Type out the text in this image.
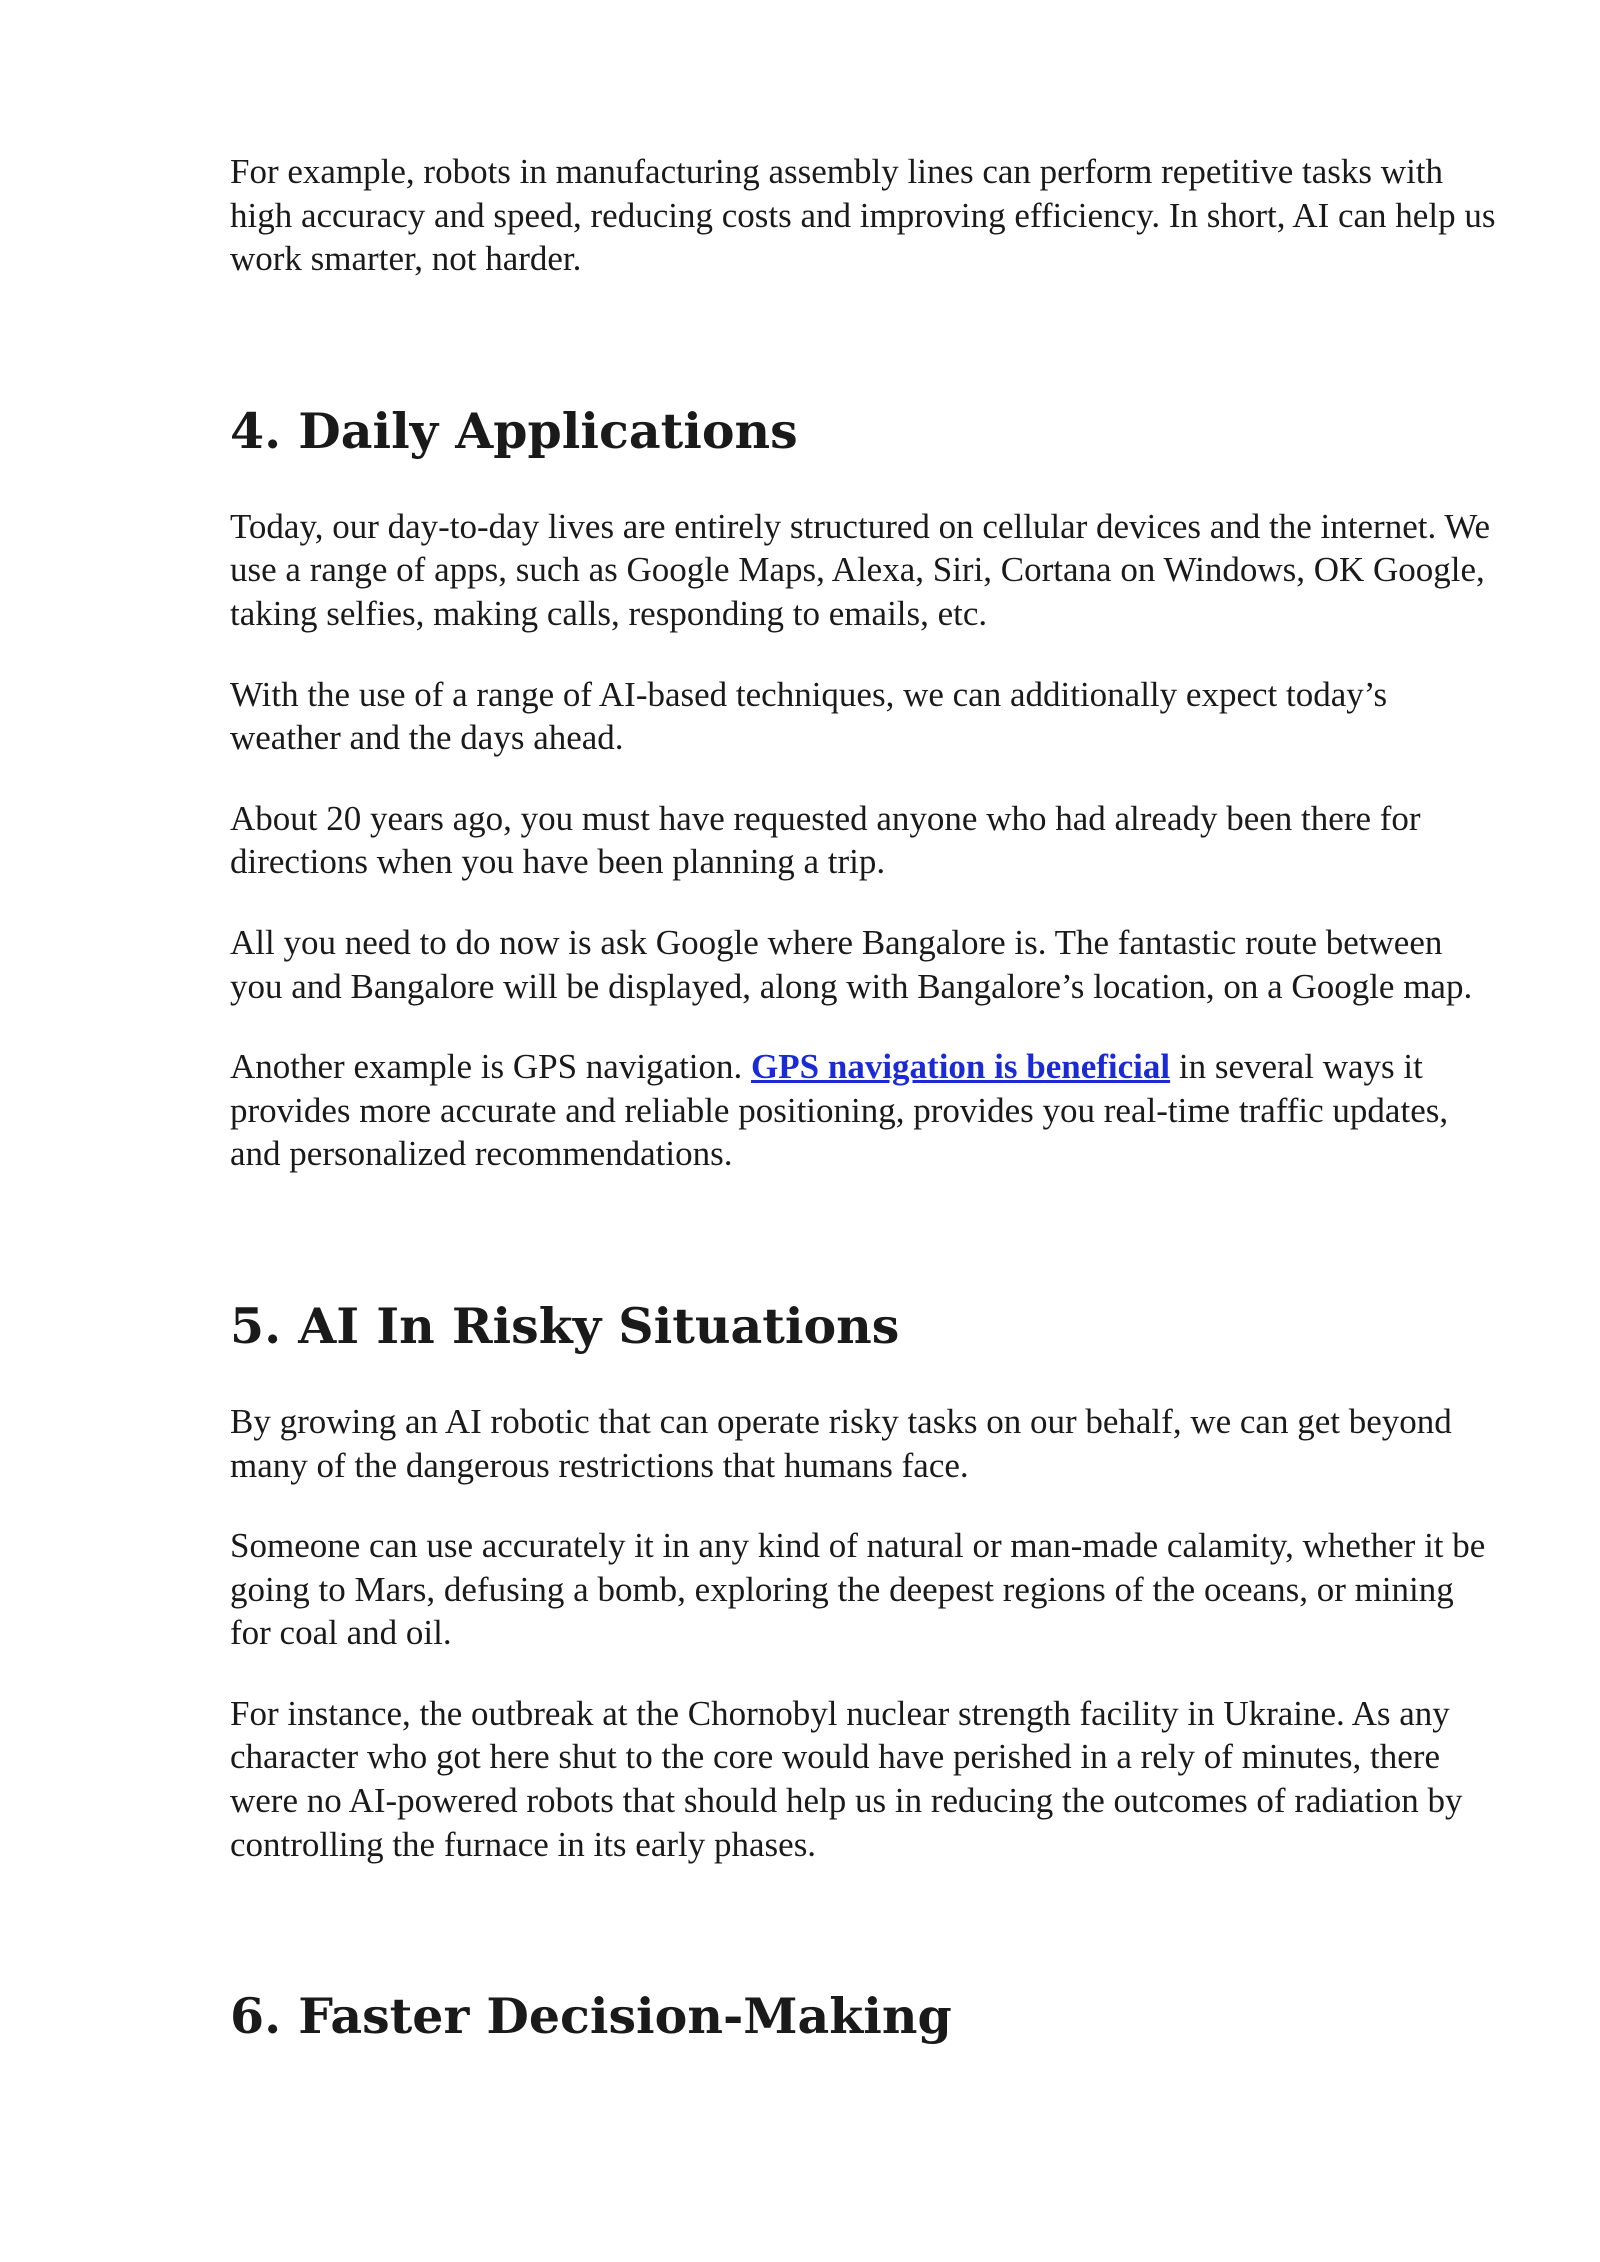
For example, robots in manufacturing assembly lines can perform repetitive tasks with high accuracy and speed, reducing costs and improving efficiency. In short, AI can help us work smarter, not harder.

4. Daily Applications

Today, our day-to-day lives are entirely structured on cellular devices and the internet. We use a range of apps, such as Google Maps, Alexa, Siri, Cortana on Windows, OK Google, taking selfies, making calls, responding to emails, etc.

With the use of a range of AI-based techniques, we can additionally expect today’s weather and the days ahead.

About 20 years ago, you must have requested anyone who had already been there for directions when you have been planning a trip.

All you need to do now is ask Google where Bangalore is. The fantastic route between you and Bangalore will be displayed, along with Bangalore’s location, on a Google map.

Another example is GPS navigation. GPS navigation is beneficial in several ways it provides more accurate and reliable positioning, provides you real-time traffic updates, and personalized recommendations.

5. AI In Risky Situations

By growing an AI robotic that can operate risky tasks on our behalf, we can get beyond many of the dangerous restrictions that humans face.

Someone can use accurately it in any kind of natural or man-made calamity, whether it be going to Mars, defusing a bomb, exploring the deepest regions of the oceans, or mining for coal and oil.

For instance, the outbreak at the Chornobyl nuclear strength facility in Ukraine. As any character who got here shut to the core would have perished in a rely of minutes, there were no AI-powered robots that should help us in reducing the outcomes of radiation by controlling the furnace in its early phases.

6. Faster Decision-Making
